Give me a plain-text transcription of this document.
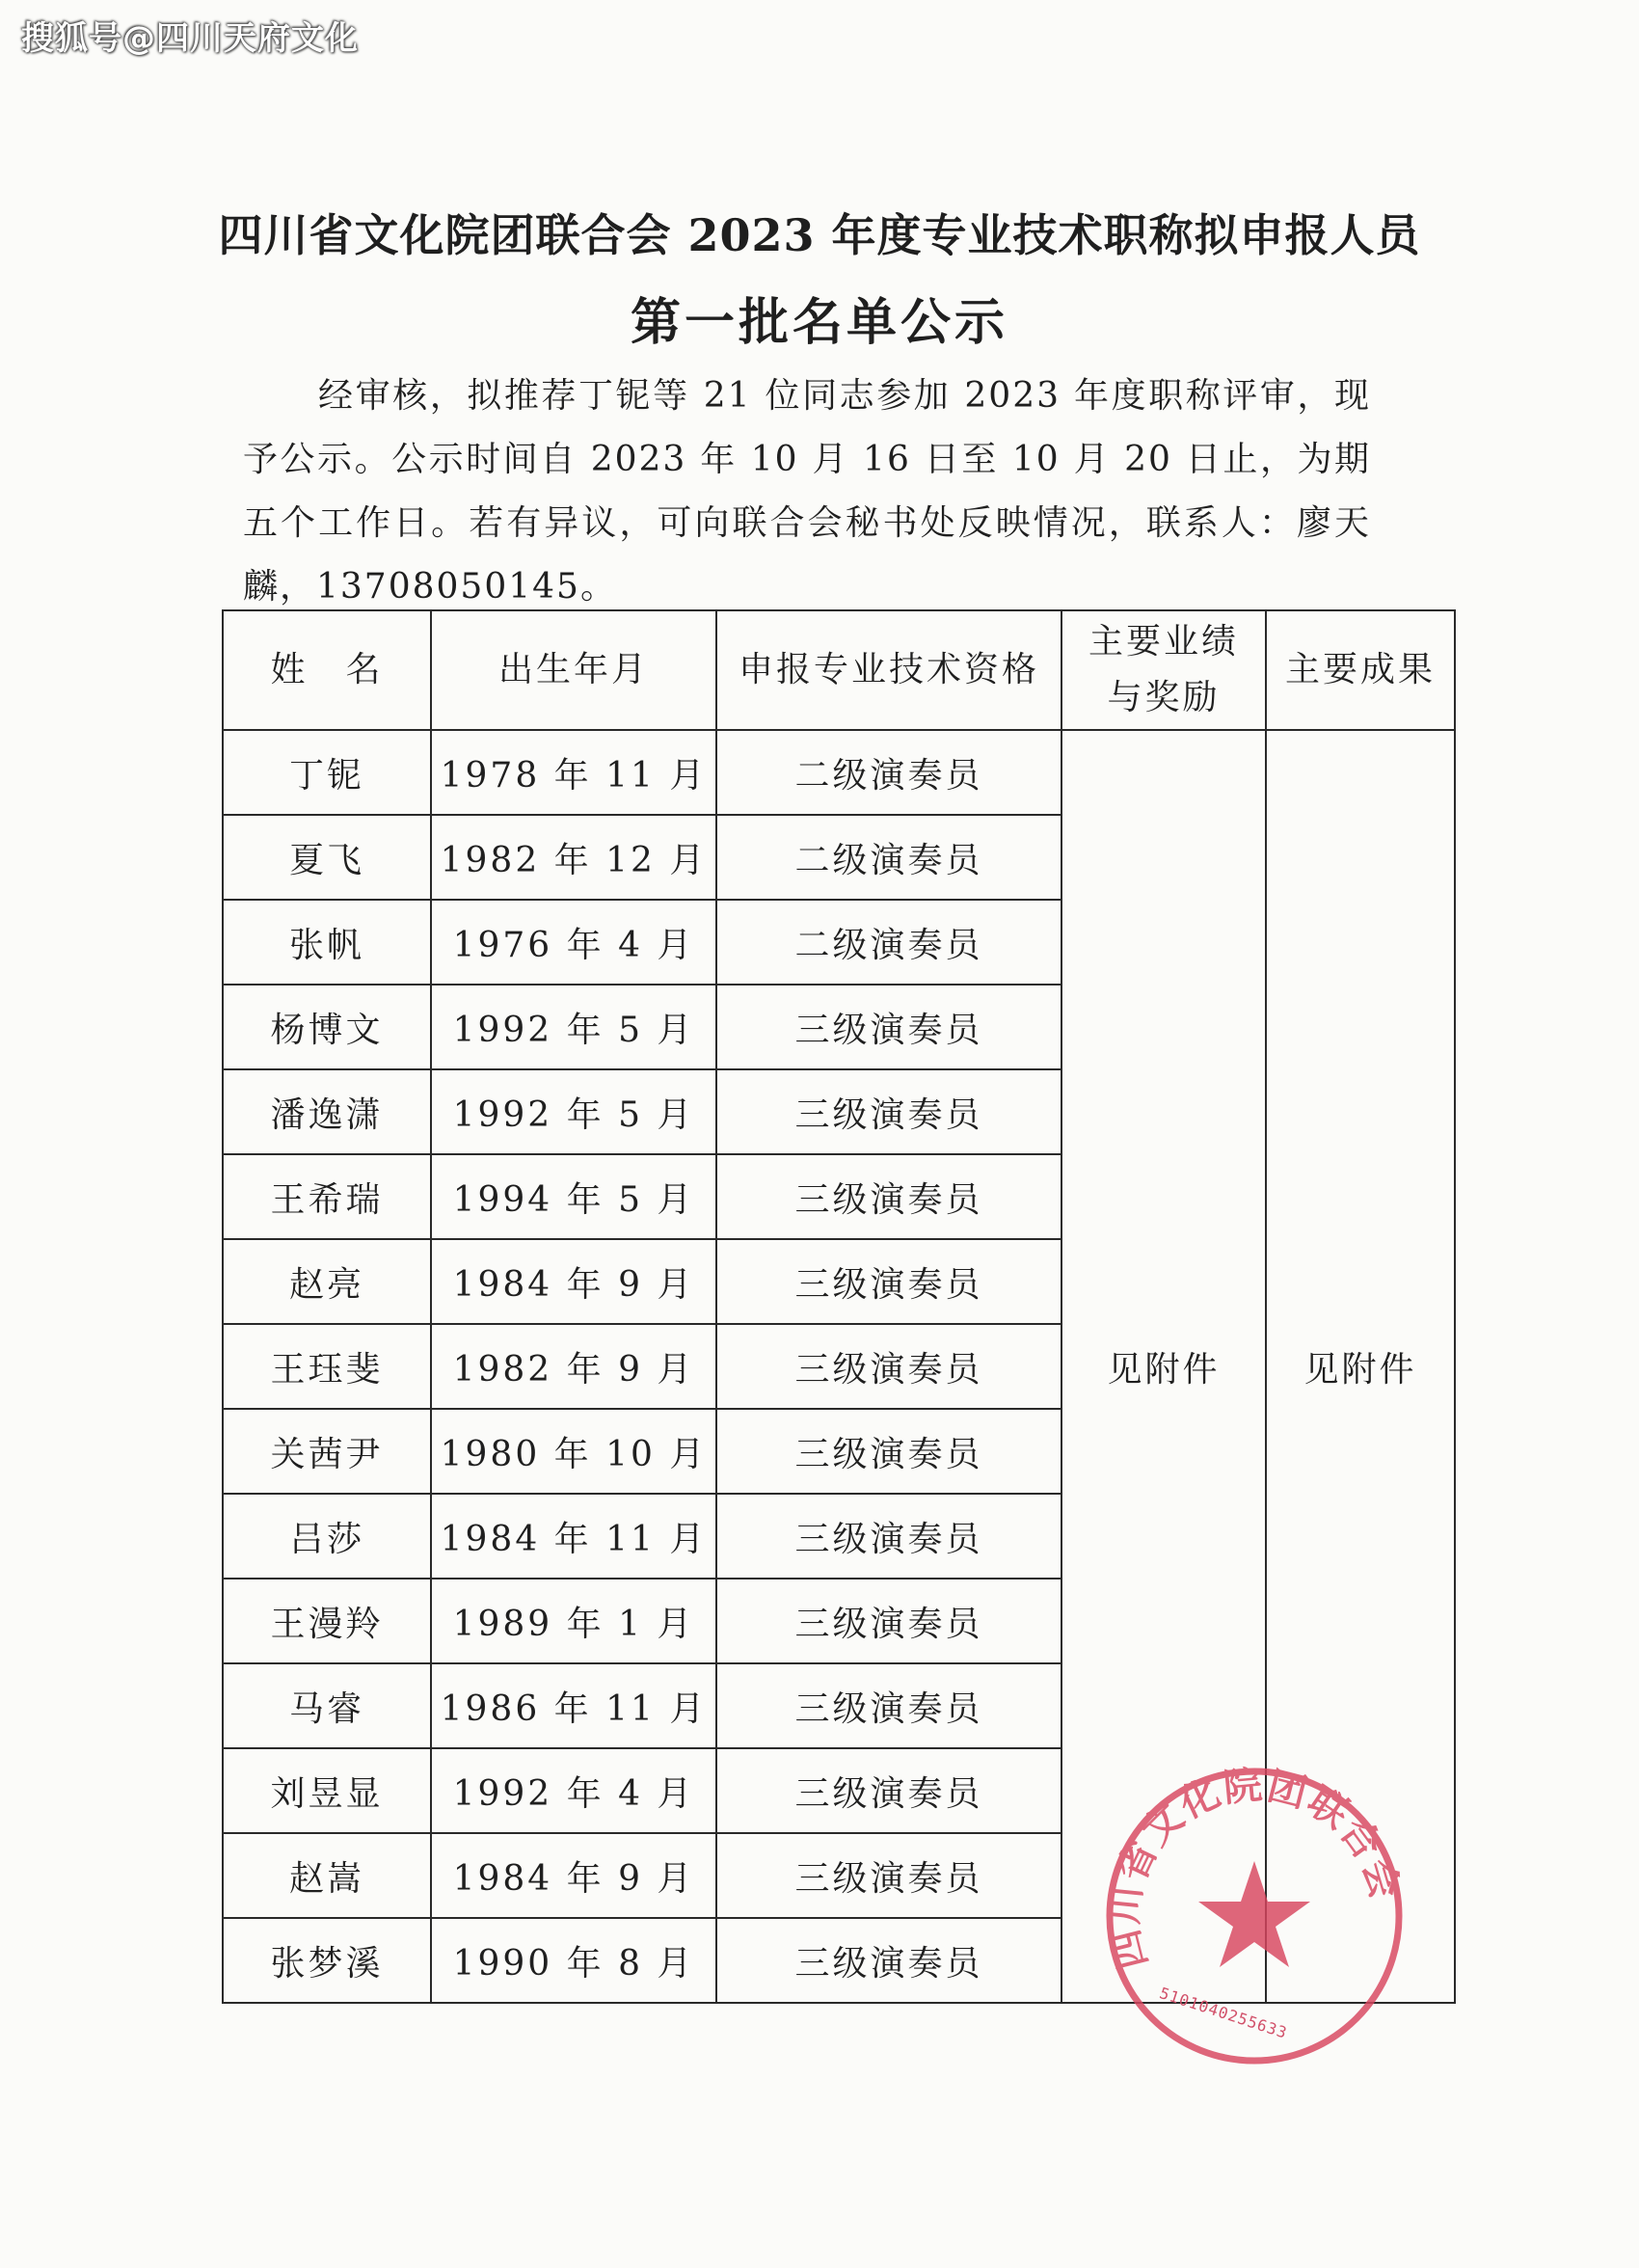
搜狐号@四川天府文化
四川省文化院团联合会 2023 年度专业技术职称拟申报人员
第一批名单公示
经审核，拟推荐丁铌等 21 位同志参加 2023 年度职称评审，现予公示。公示时间自 2023 年 10 月 16 日至 10 月 20 日止，为期五个工作日。若有异议，可向联合会秘书处反映情况，联系人：廖天麟，13708050145。
姓　名	出生年月	申报专业技术资格	主要业绩与奖励	主要成果
丁铌	1978 年 11 月	二级演奏员	见附件	见附件
夏飞	1982 年 12 月	二级演奏员		
张帆	1976 年 4 月	二级演奏员		
杨博文	1992 年 5 月	三级演奏员		
潘逸潇	1992 年 5 月	三级演奏员		
王希瑞	1994 年 5 月	三级演奏员		
赵亮	1984 年 9 月	三级演奏员		
王珏斐	1982 年 9 月	三级演奏员		
关茜尹	1980 年 10 月	三级演奏员		
吕莎	1984 年 11 月	三级演奏员		
王漫羚	1989 年 1 月	三级演奏员		
马睿	1986 年 11 月	三级演奏员		
刘昱显	1992 年 4 月	三级演奏员		
赵嵩	1984 年 9 月	三级演奏员		
张梦溪	1990 年 8 月	三级演奏员			四川省文化院团联合会
5101040255633
